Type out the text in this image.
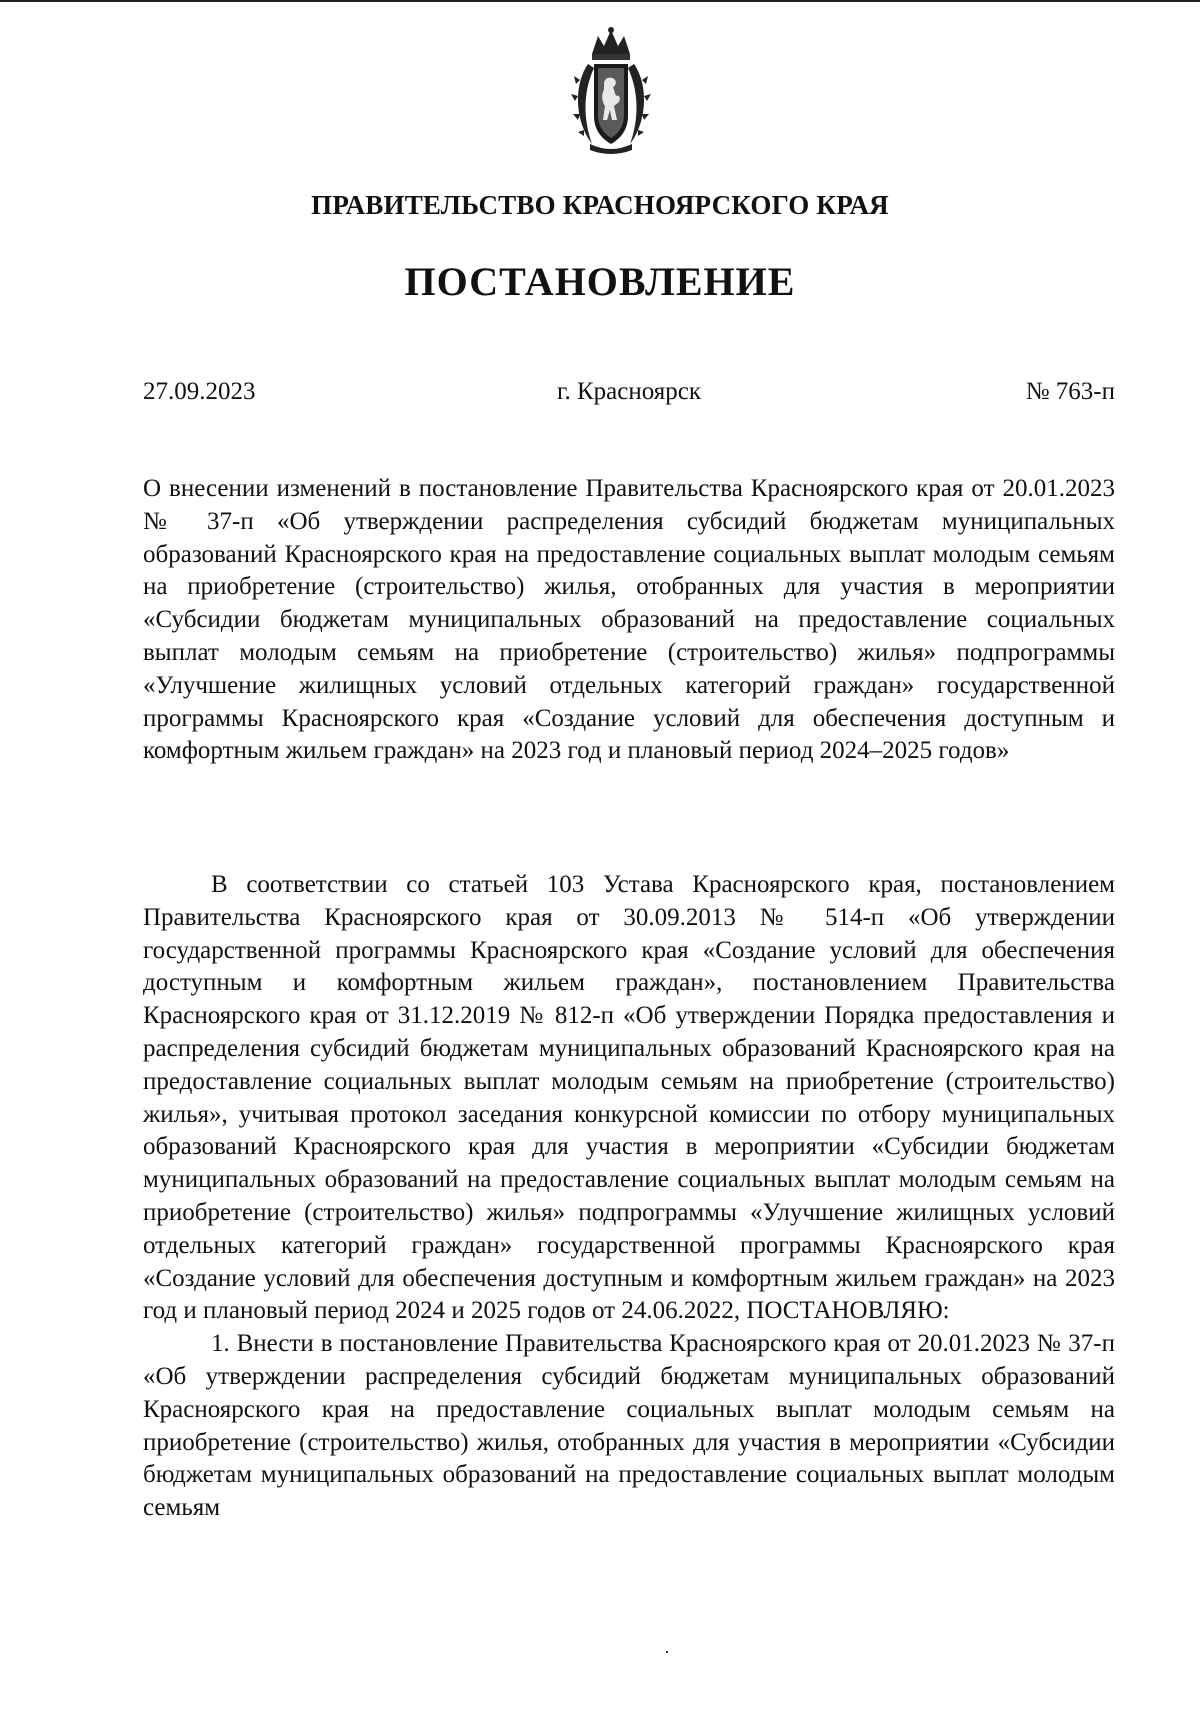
ПРАВИТЕЛЬСТВО КРАСНОЯРСКОГО КРАЯ
ПОСТАНОВЛЕНИЕ
г. Красноярск
27.09.2023	№ 763-п

О внесении изменений в постановление Правительства Красноярского края от 20.01.2023 № 37-п «Об утверждении распределения субсидий бюджетам муниципальных образований Красноярского края на предоставление социальных выплат молодым семьям на приобретение (строительство) жилья, отобранных для участия в мероприятии «Субсидии бюджетам муниципальных образований на предоставление социальных выплат молодым семьям на приобретение (строительство) жилья» подпрограммы «Улучшение жилищных условий отдельных категорий граждан» государственной программы Красноярского края «Создание условий для обеспечения доступным и комфортным жильем граждан» на 2023 год и плановый период 2024–2025 годов»

В соответствии со статьей 103 Устава Красноярского края, постановлением Правительства Красноярского края от 30.09.2013 № 514-п «Об утверждении государственной программы Красноярского края «Создание условий для обеспечения доступным и комфортным жильем граждан», постановлением Правительства Красноярского края от 31.12.2019 № 812-п «Об утверждении Порядка предоставления и распределения субсидий бюджетам муниципальных образований Красноярского края на предоставление социальных выплат молодым семьям на приобретение (строительство) жилья», учитывая протокол заседания конкурсной комиссии по отбору муниципальных образований Красноярского края для участия в мероприятии «Субсидии бюджетам муниципальных образований на предоставление социальных выплат молодым семьям на приобретение (строительство) жилья» подпрограммы «Улучшение жилищных условий отдельных категорий граждан» государственной программы Красноярского края «Создание условий для обеспечения доступным и комфортным жильем граждан» на 2023 год и плановый период 2024 и 2025 годов от 24.06.2022, ПОСТАНОВЛЯЮ:

1. Внести в постановление Правительства Красноярского края от 20.01.2023 № 37-п «Об утверждении распределения субсидий бюджетам муниципальных образований Красноярского края на предоставление социальных выплат молодым семьям на приобретение (строительство) жилья, отобранных для участия в мероприятии «Субсидии бюджетам муниципальных образований на предоставление социальных выплат молодым семьям
